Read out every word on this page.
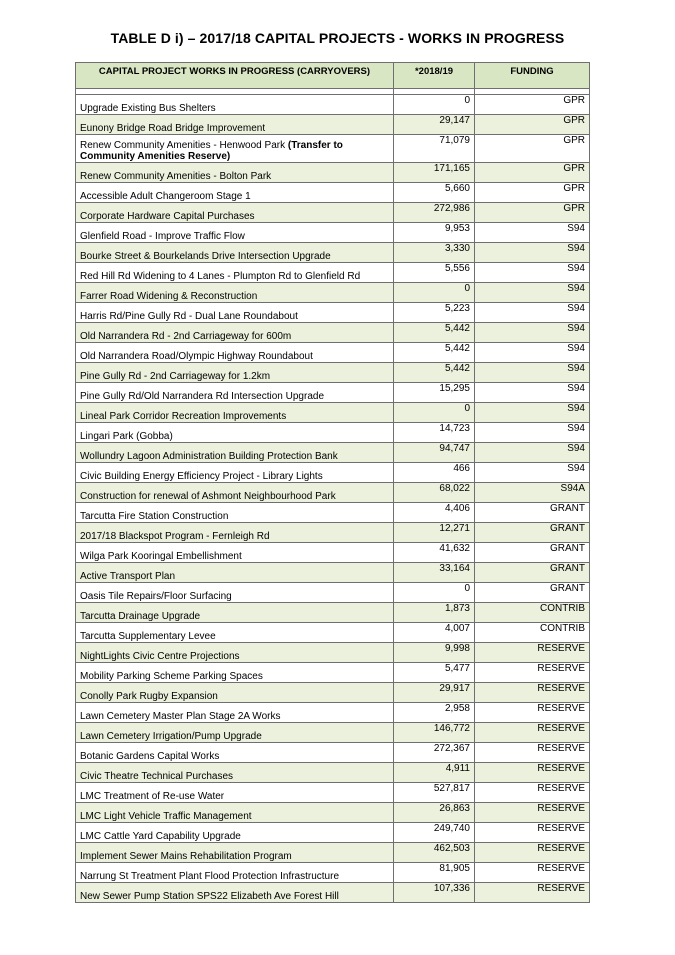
TABLE D i) – 2017/18 CAPITAL PROJECTS - WORKS IN PROGRESS
CAPITAL PROJECT WORKS IN PROGRESS (CARRYOVERS)	*2018/19	FUNDING

Upgrade Existing Bus Shelters	0	GPR
Eunony Bridge Road Bridge Improvement	29,147	GPR
Renew Community Amenities - Henwood Park (Transfer to Community Amenities Reserve)	71,079	GPR
Renew Community Amenities - Bolton Park	171,165	GPR
Accessible Adult Changeroom Stage 1	5,660	GPR
Corporate Hardware Capital Purchases	272,986	GPR
Glenfield Road - Improve Traffic Flow	9,953	S94
Bourke Street & Bourkelands Drive Intersection Upgrade	3,330	S94
Red Hill Rd Widening to 4 Lanes - Plumpton Rd to Glenfield Rd	5,556	S94
Farrer Road Widening & Reconstruction	0	S94
Harris Rd/Pine Gully Rd - Dual Lane Roundabout	5,223	S94
Old Narrandera Rd - 2nd Carriageway for 600m	5,442	S94
Old Narrandera Road/Olympic Highway Roundabout	5,442	S94
Pine Gully Rd - 2nd Carriageway for 1.2km	5,442	S94
Pine Gully Rd/Old Narrandera Rd Intersection Upgrade	15,295	S94
Lineal Park Corridor Recreation Improvements	0	S94
Lingari Park (Gobba)	14,723	S94
Wollundry Lagoon Administration Building Protection Bank	94,747	S94
Civic Building Energy Efficiency Project - Library Lights	466	S94
Construction for renewal of Ashmont Neighbourhood Park	68,022	S94A
Tarcutta Fire Station Construction	4,406	GRANT
2017/18 Blackspot Program - Fernleigh Rd	12,271	GRANT
Wilga Park Kooringal Embellishment	41,632	GRANT
Active Transport Plan	33,164	GRANT
Oasis Tile Repairs/Floor Surfacing	0	GRANT
Tarcutta Drainage Upgrade	1,873	CONTRIB
Tarcutta Supplementary Levee	4,007	CONTRIB
NightLights Civic Centre Projections	9,998	RESERVE
Mobility Parking Scheme Parking Spaces	5,477	RESERVE
Conolly Park Rugby Expansion	29,917	RESERVE
Lawn Cemetery Master Plan Stage 2A Works	2,958	RESERVE
Lawn Cemetery Irrigation/Pump Upgrade	146,772	RESERVE
Botanic Gardens Capital Works	272,367	RESERVE
Civic Theatre Technical Purchases	4,911	RESERVE
LMC Treatment of Re-use Water	527,817	RESERVE
LMC Light Vehicle Traffic Management	26,863	RESERVE
LMC Cattle Yard Capability Upgrade	249,740	RESERVE
Implement Sewer Mains Rehabilitation Program	462,503	RESERVE
Narrung St Treatment Plant Flood Protection Infrastructure	81,905	RESERVE
New Sewer Pump Station SPS22 Elizabeth Ave Forest Hill	107,336	RESERVE
